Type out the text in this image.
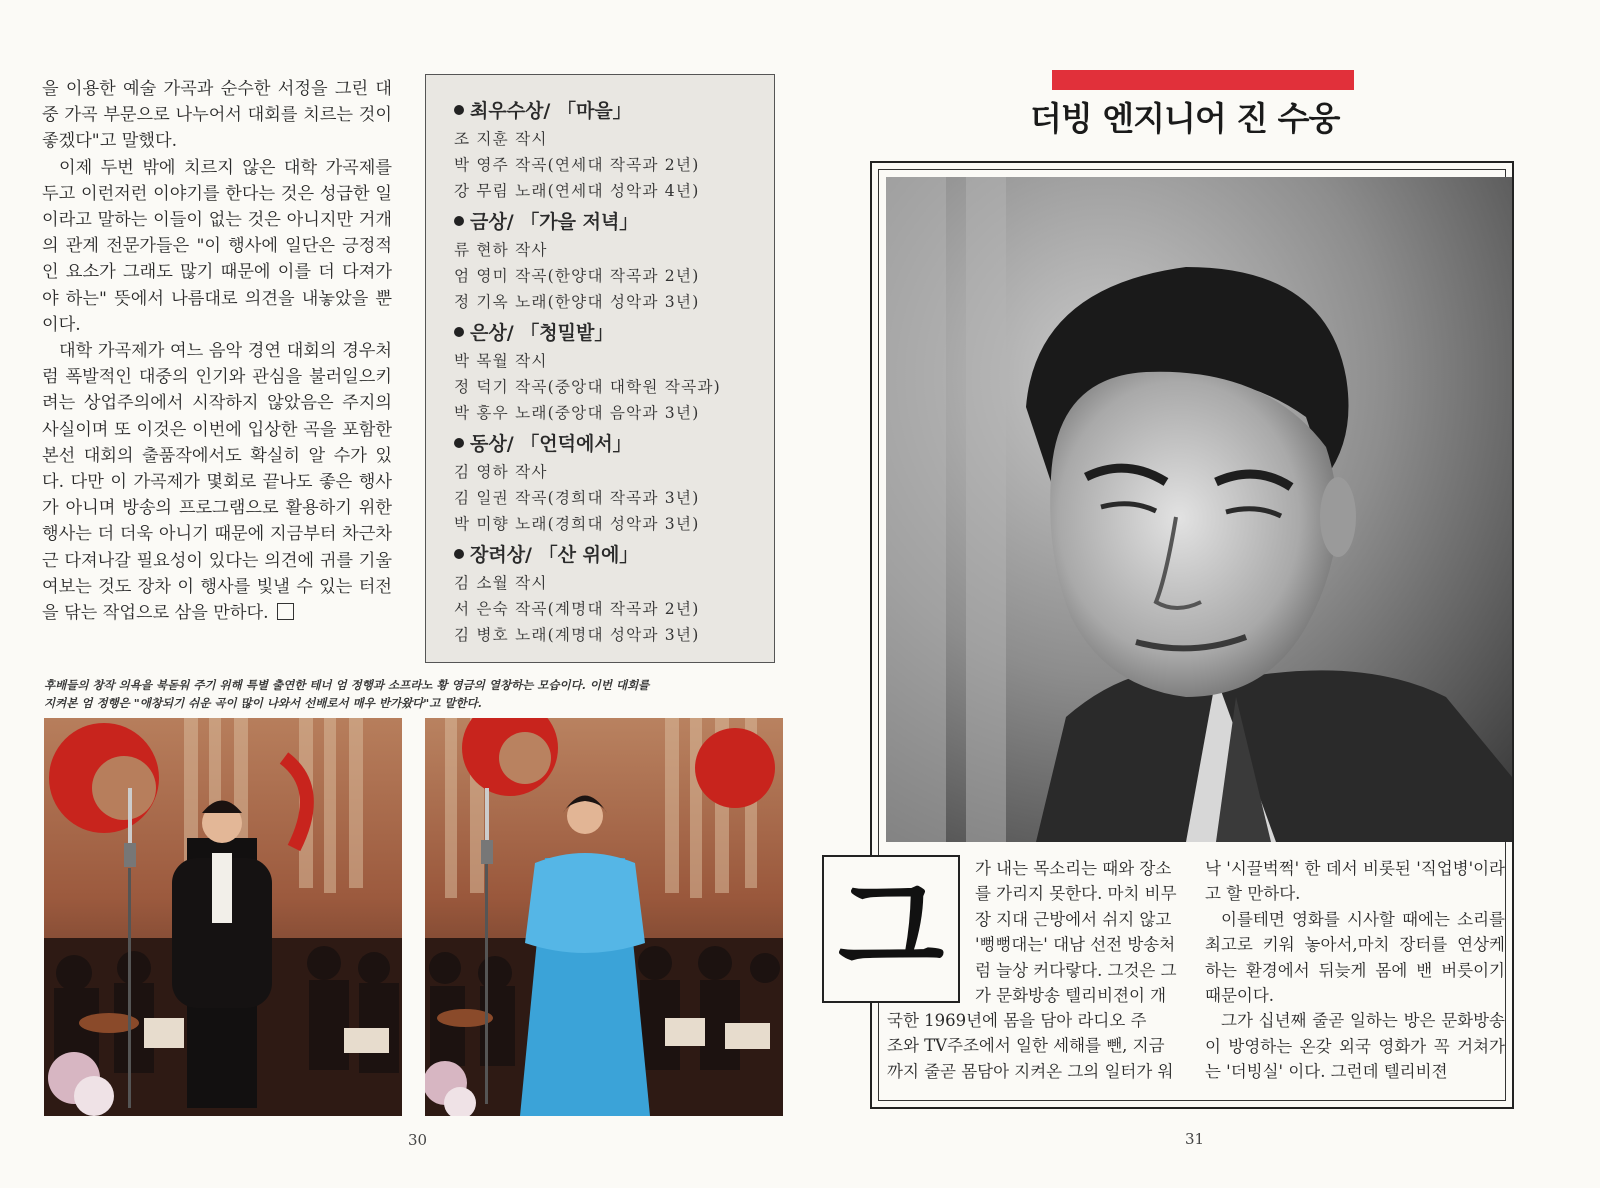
을 이용한 예술 가곡과 순수한 서정을 그린 대중 가곡 부문으로 나누어서 대회를 치르는 것이 좋겠다"고 말했다.

이제 두번 밖에 치르지 않은 대학 가곡제를 두고 이런저런 이야기를 한다는 것은 성급한 일이라고 말하는 이들이 없는 것은 아니지만 거개의 관계 전문가들은 "이 행사에 일단은 긍정적인 요소가 그래도 많기 때문에 이를 더 다져가야 하는" 뜻에서 나름대로 의견을 내놓았을 뿐이다.

대학 가곡제가 여느 음악 경연 대회의 경우처럼 폭발적인 대중의 인기와 관심을 불러일으키려는 상업주의에서 시작하지 않았음은 주지의 사실이며 또 이것은 이번에 입상한 곡을 포함한 본선 대회의 출품작에서도 확실히 알 수가 있다. 다만 이 가곡제가 몇회로 끝나도 좋은 행사가 아니며 방송의 프로그램으로 활용하기 위한 행사는 더 더욱 아니기 때문에 지금부터 차근차근 다져나갈 필요성이 있다는 의견에 귀를 기울여보는 것도 장차 이 행사를 빛낼 수 있는 터전을 닦는 작업으로 삼을 만하다.

최우수상/ 「마을」
조 지훈 작시
박 영주 작곡(연세대 작곡과 2년)
강 무림 노래(연세대 성악과 4년)
금상/ 「가을 저녁」
류 현하 작사
엄 영미 작곡(한양대 작곡과 2년)
정 기옥 노래(한양대 성악과 3년)
은상/ 「청밀밭」
박 목월 작시
정 덕기 작곡(중앙대 대학원 작곡과)
박 홍우 노래(중앙대 음악과 3년)
동상/ 「언덕에서」
김 영하 작사
김 일권 작곡(경희대 작곡과 3년)
박 미향 노래(경희대 성악과 3년)
장려상/ 「산 위에」
김 소월 작시
서 은숙 작곡(계명대 작곡과 2년)
김 병호 노래(계명대 성악과 3년)
후배들의 창작 의욕을 북돋워 주기 위해 특별 출연한 테너 엄 정행과 소프라노 황 영금의 열창하는 모습이다. 이번 대회를
지켜본 엄 정행은 "애창되기 쉬운 곡이 많이 나와서 선배로서 매우 반가왔다"고 말한다.
30
더빙 엔지니어 진 수웅
그	가 내는 목소리는 때와 장소
를 가리지 못한다. 마치 비무
장 지대 근방에서 쉬지 않고
'뻥뻥대는' 대남 선전 방송처
럼 늘상 커다랗다. 그것은 그
가 문화방송 텔리비젼이 개
국한 1969년에 몸을 담아 라디오 주
조와 TV주조에서 일한 세해를 뺀, 지금
까지 줄곧 몸담아 지켜온 그의 일터가 워

낙 '시끌벅쩍' 한 데서 비롯된 '직업병'이라고 할 만하다.

이를테면 영화를 시사할 때에는 소리를 최고로 키워 놓아서,마치 장터를 연상케 하는 환경에서 뒤늦게 몸에 밴 버릇이기 때문이다.

그가 십년째 줄곧 일하는 방은 문화방송이 방영하는 온갖 외국 영화가 꼭 거쳐가는 '더빙실' 이다. 그런데 텔리비젼

31
